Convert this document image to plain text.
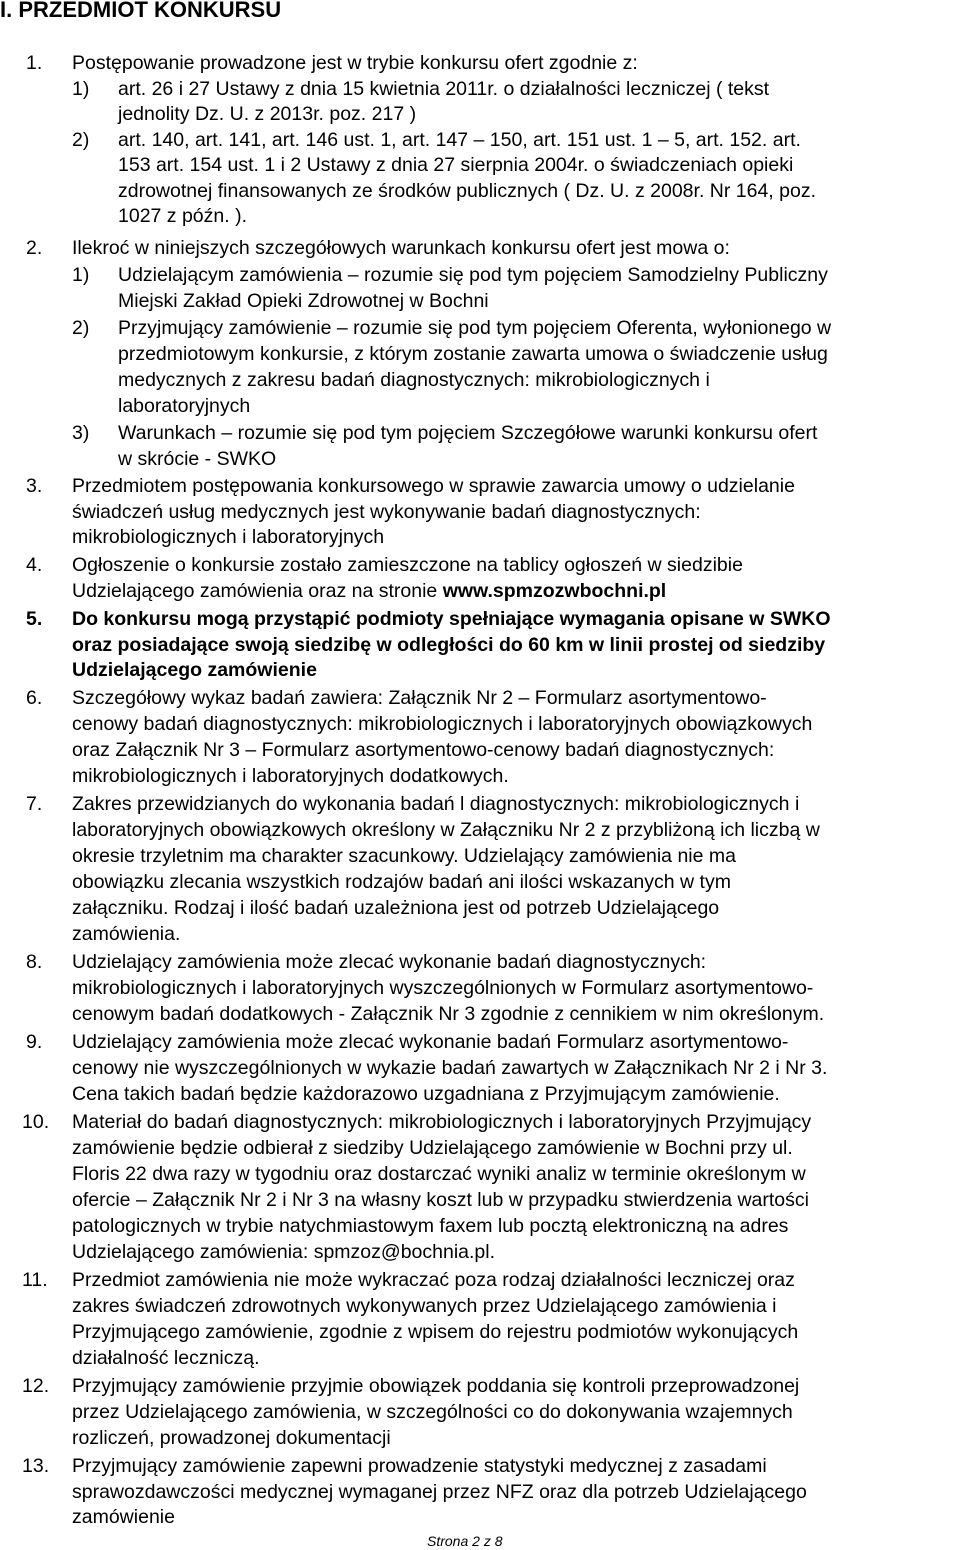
I. PRZEDMIOT KONKURSU
1. Postępowanie prowadzone jest w trybie konkursu ofert zgodnie z:
1) art. 26 i 27 Ustawy z dnia 15 kwietnia 2011r. o działalności leczniczej ( tekst
jednolity Dz. U. z 2013r. poz. 217 )
2) art. 140, art. 141, art. 146 ust. 1, art. 147 – 150, art. 151 ust. 1 – 5, art. 152. art.
153 art. 154 ust. 1 i 2 Ustawy z dnia 27 sierpnia 2004r. o świadczeniach opieki
zdrowotnej finansowanych ze środków publicznych ( Dz. U. z 2008r. Nr 164, poz.
1027 z późn. ).
2. Ilekroć w niniejszych szczegółowych warunkach konkursu ofert jest mowa o:
1) Udzielającym zamówienia – rozumie się pod tym pojęciem Samodzielny Publiczny
Miejski Zakład Opieki Zdrowotnej w Bochni
2) Przyjmujący zamówienie – rozumie się pod tym pojęciem Oferenta, wyłonionego w
przedmiotowym konkursie, z którym zostanie zawarta umowa o świadczenie usług
medycznych z zakresu badań diagnostycznych: mikrobiologicznych i
laboratoryjnych
3) Warunkach – rozumie się pod tym pojęciem Szczegółowe warunki konkursu ofert
w skrócie - SWKO
3. Przedmiotem postępowania konkursowego w sprawie zawarcia umowy o udzielanie
świadczeń usług medycznych jest wykonywanie badań diagnostycznych:
mikrobiologicznych i laboratoryjnych
4. Ogłoszenie o konkursie zostało zamieszczone na tablicy ogłoszeń w siedzibie
Udzielającego zamówienia oraz na stronie www.spmzozwbochni.pl
5. Do konkursu mogą przystąpić podmioty spełniające wymagania opisane w SWKO
oraz posiadające swoją siedzibę w odległości do 60 km w linii prostej od siedziby
Udzielającego zamówienie
6. Szczegółowy wykaz badań zawiera: Załącznik Nr 2 – Formularz asortymentowo-
cenowy badań diagnostycznych: mikrobiologicznych i laboratoryjnych obowiązkowych
oraz Załącznik Nr 3 – Formularz asortymentowo-cenowy badań diagnostycznych:
mikrobiologicznych i laboratoryjnych dodatkowych.
7. Zakres przewidzianych do wykonania badań l diagnostycznych: mikrobiologicznych i
laboratoryjnych obowiązkowych określony w Załączniku Nr 2 z przybliżoną ich liczbą w
okresie trzyletnim ma charakter szacunkowy. Udzielający zamówienia nie ma
obowiązku zlecania wszystkich rodzajów badań ani ilości wskazanych w tym
załączniku. Rodzaj i ilość badań uzależniona jest od potrzeb Udzielającego
zamówienia.
8. Udzielający zamówienia może zlecać wykonanie badań diagnostycznych:
mikrobiologicznych i laboratoryjnych wyszczególnionych w Formularz asortymentowo-
cenowym badań dodatkowych - Załącznik Nr 3 zgodnie z cennikiem w nim określonym.
9. Udzielający zamówienia może zlecać wykonanie badań Formularz asortymentowo-
cenowy nie wyszczególnionych w wykazie badań zawartych w Załącznikach Nr 2 i Nr 3.
Cena takich badań będzie każdorazowo uzgadniana z Przyjmującym zamówienie.
10. Materiał do badań diagnostycznych: mikrobiologicznych i laboratoryjnych Przyjmujący
zamówienie będzie odbierał z siedziby Udzielającego zamówienie w Bochni przy ul.
Floris 22 dwa razy w tygodniu oraz dostarczać wyniki analiz w terminie określonym w
ofercie – Załącznik Nr 2 i Nr 3 na własny koszt lub w przypadku stwierdzenia wartości
patologicznych w trybie natychmiastowym faxem lub pocztą elektroniczną na adres
Udzielającego zamówienia: spmzoz@bochnia.pl.
11. Przedmiot zamówienia nie może wykraczać poza rodzaj działalności leczniczej oraz
zakres świadczeń zdrowotnych wykonywanych przez Udzielającego zamówienia i
Przyjmującego zamówienie, zgodnie z wpisem do rejestru podmiotów wykonujących
działalność leczniczą.
12. Przyjmujący zamówienie przyjmie obowiązek poddania się kontroli przeprowadzonej
przez Udzielającego zamówienia, w szczególności co do dokonywania wzajemnych
rozliczeń, prowadzonej dokumentacji
13. Przyjmujący zamówienie zapewni prowadzenie statystyki medycznej z zasadami
sprawozdawczości medycznej wymaganej przez NFZ oraz dla potrzeb Udzielającego
zamówienie
Strona 2 z 8
